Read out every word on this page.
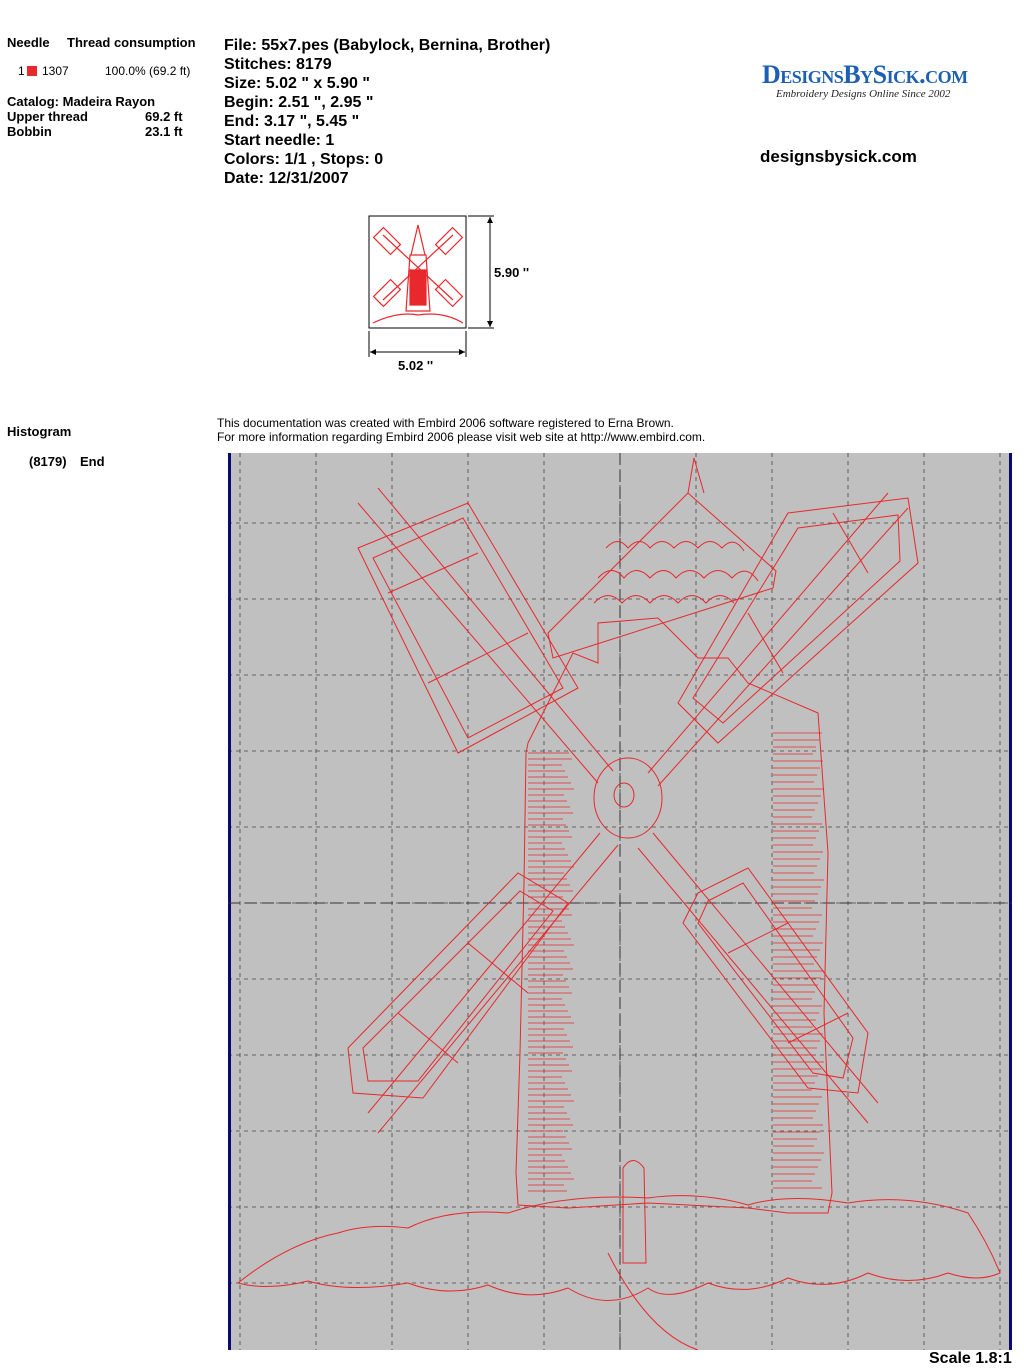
Needle Thread consumption
1 1307	100.0% (69.2 ft)
Catalog: Madeira Rayon
Upper thread	69.2 ft
Bobbin	23.1 ft
Histogram
(8179) End
File: 55x7.pes (Babylock, Bernina, Brother)
Stitches: 8179
Size: 5.02 " x 5.90 "
Begin: 2.51 ", 2.95 "
End: 3.17 ", 5.45 "
Start needle: 1
Colors: 1/1 , Stops: 0
Date: 12/31/2007
DesignsBySick.com
Embroidery Designs Online Since 2002
designsbysick.com
5.90 ''
5.02 ''
This documentation was created with Embird 2006 software registered to Erna Brown.
For more information regarding Embird 2006 please visit web site at http://www.embird.com.
Scale 1.8:1
